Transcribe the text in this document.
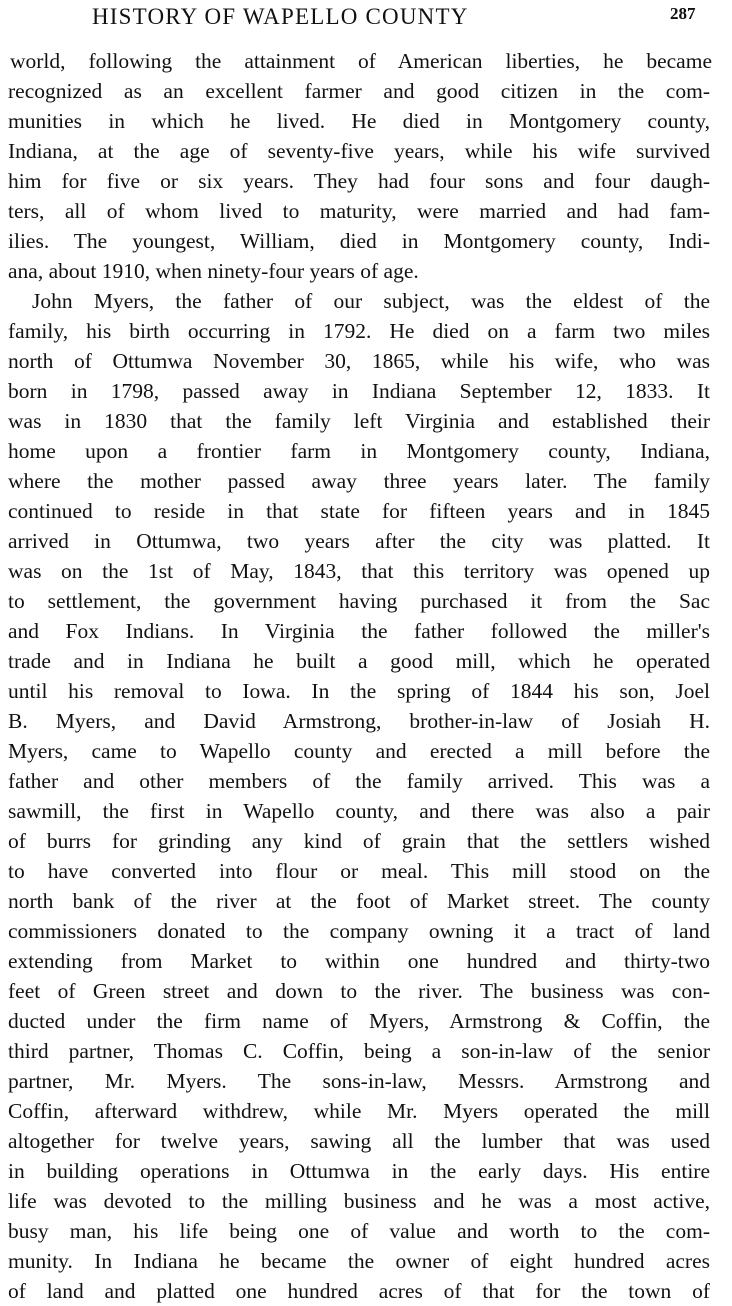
HISTORY OF WAPELLO COUNTY	287
world, following the attainment of American liberties, he became
recognized as an excellent farmer and good citizen in the com-
munities in which he lived. He died in Montgomery county,
Indiana, at the age of seventy-five years, while his wife survived
him for five or six years. They had four sons and four daugh-
ters, all of whom lived to maturity, were married and had fam-
ilies. The youngest, William, died in Montgomery county, Indi-
ana, about 1910, when ninety-four years of age.
John Myers, the father of our subject, was the eldest of the
family, his birth occurring in 1792. He died on a farm two miles
north of Ottumwa November 30, 1865, while his wife, who was
born in 1798, passed away in Indiana September 12, 1833. It
was in 1830 that the family left Virginia and established their
home upon a frontier farm in Montgomery county, Indiana,
where the mother passed away three years later. The family
continued to reside in that state for fifteen years and in 1845
arrived in Ottumwa, two years after the city was platted. It
was on the 1st of May, 1843, that this territory was opened up
to settlement, the government having purchased it from the Sac
and Fox Indians. In Virginia the father followed the miller's
trade and in Indiana he built a good mill, which he operated
until his removal to Iowa. In the spring of 1844 his son, Joel
B. Myers, and David Armstrong, brother-in-law of Josiah H.
Myers, came to Wapello county and erected a mill before the
father and other members of the family arrived. This was a
sawmill, the first in Wapello county, and there was also a pair
of burrs for grinding any kind of grain that the settlers wished
to have converted into flour or meal. This mill stood on the
north bank of the river at the foot of Market street. The county
commissioners donated to the company owning it a tract of land
extending from Market to within one hundred and thirty-two
feet of Green street and down to the river. The business was con-
ducted under the firm name of Myers, Armstrong & Coffin, the
third partner, Thomas C. Coffin, being a son-in-law of the senior
partner, Mr. Myers. The sons-in-law, Messrs. Armstrong and
Coffin, afterward withdrew, while Mr. Myers operated the mill
altogether for twelve years, sawing all the lumber that was used
in building operations in Ottumwa in the early days. His entire
life was devoted to the milling business and he was a most active,
busy man, his life being one of value and worth to the com-
munity. In Indiana he became the owner of eight hundred acres
of land and platted one hundred acres of that for the town of
